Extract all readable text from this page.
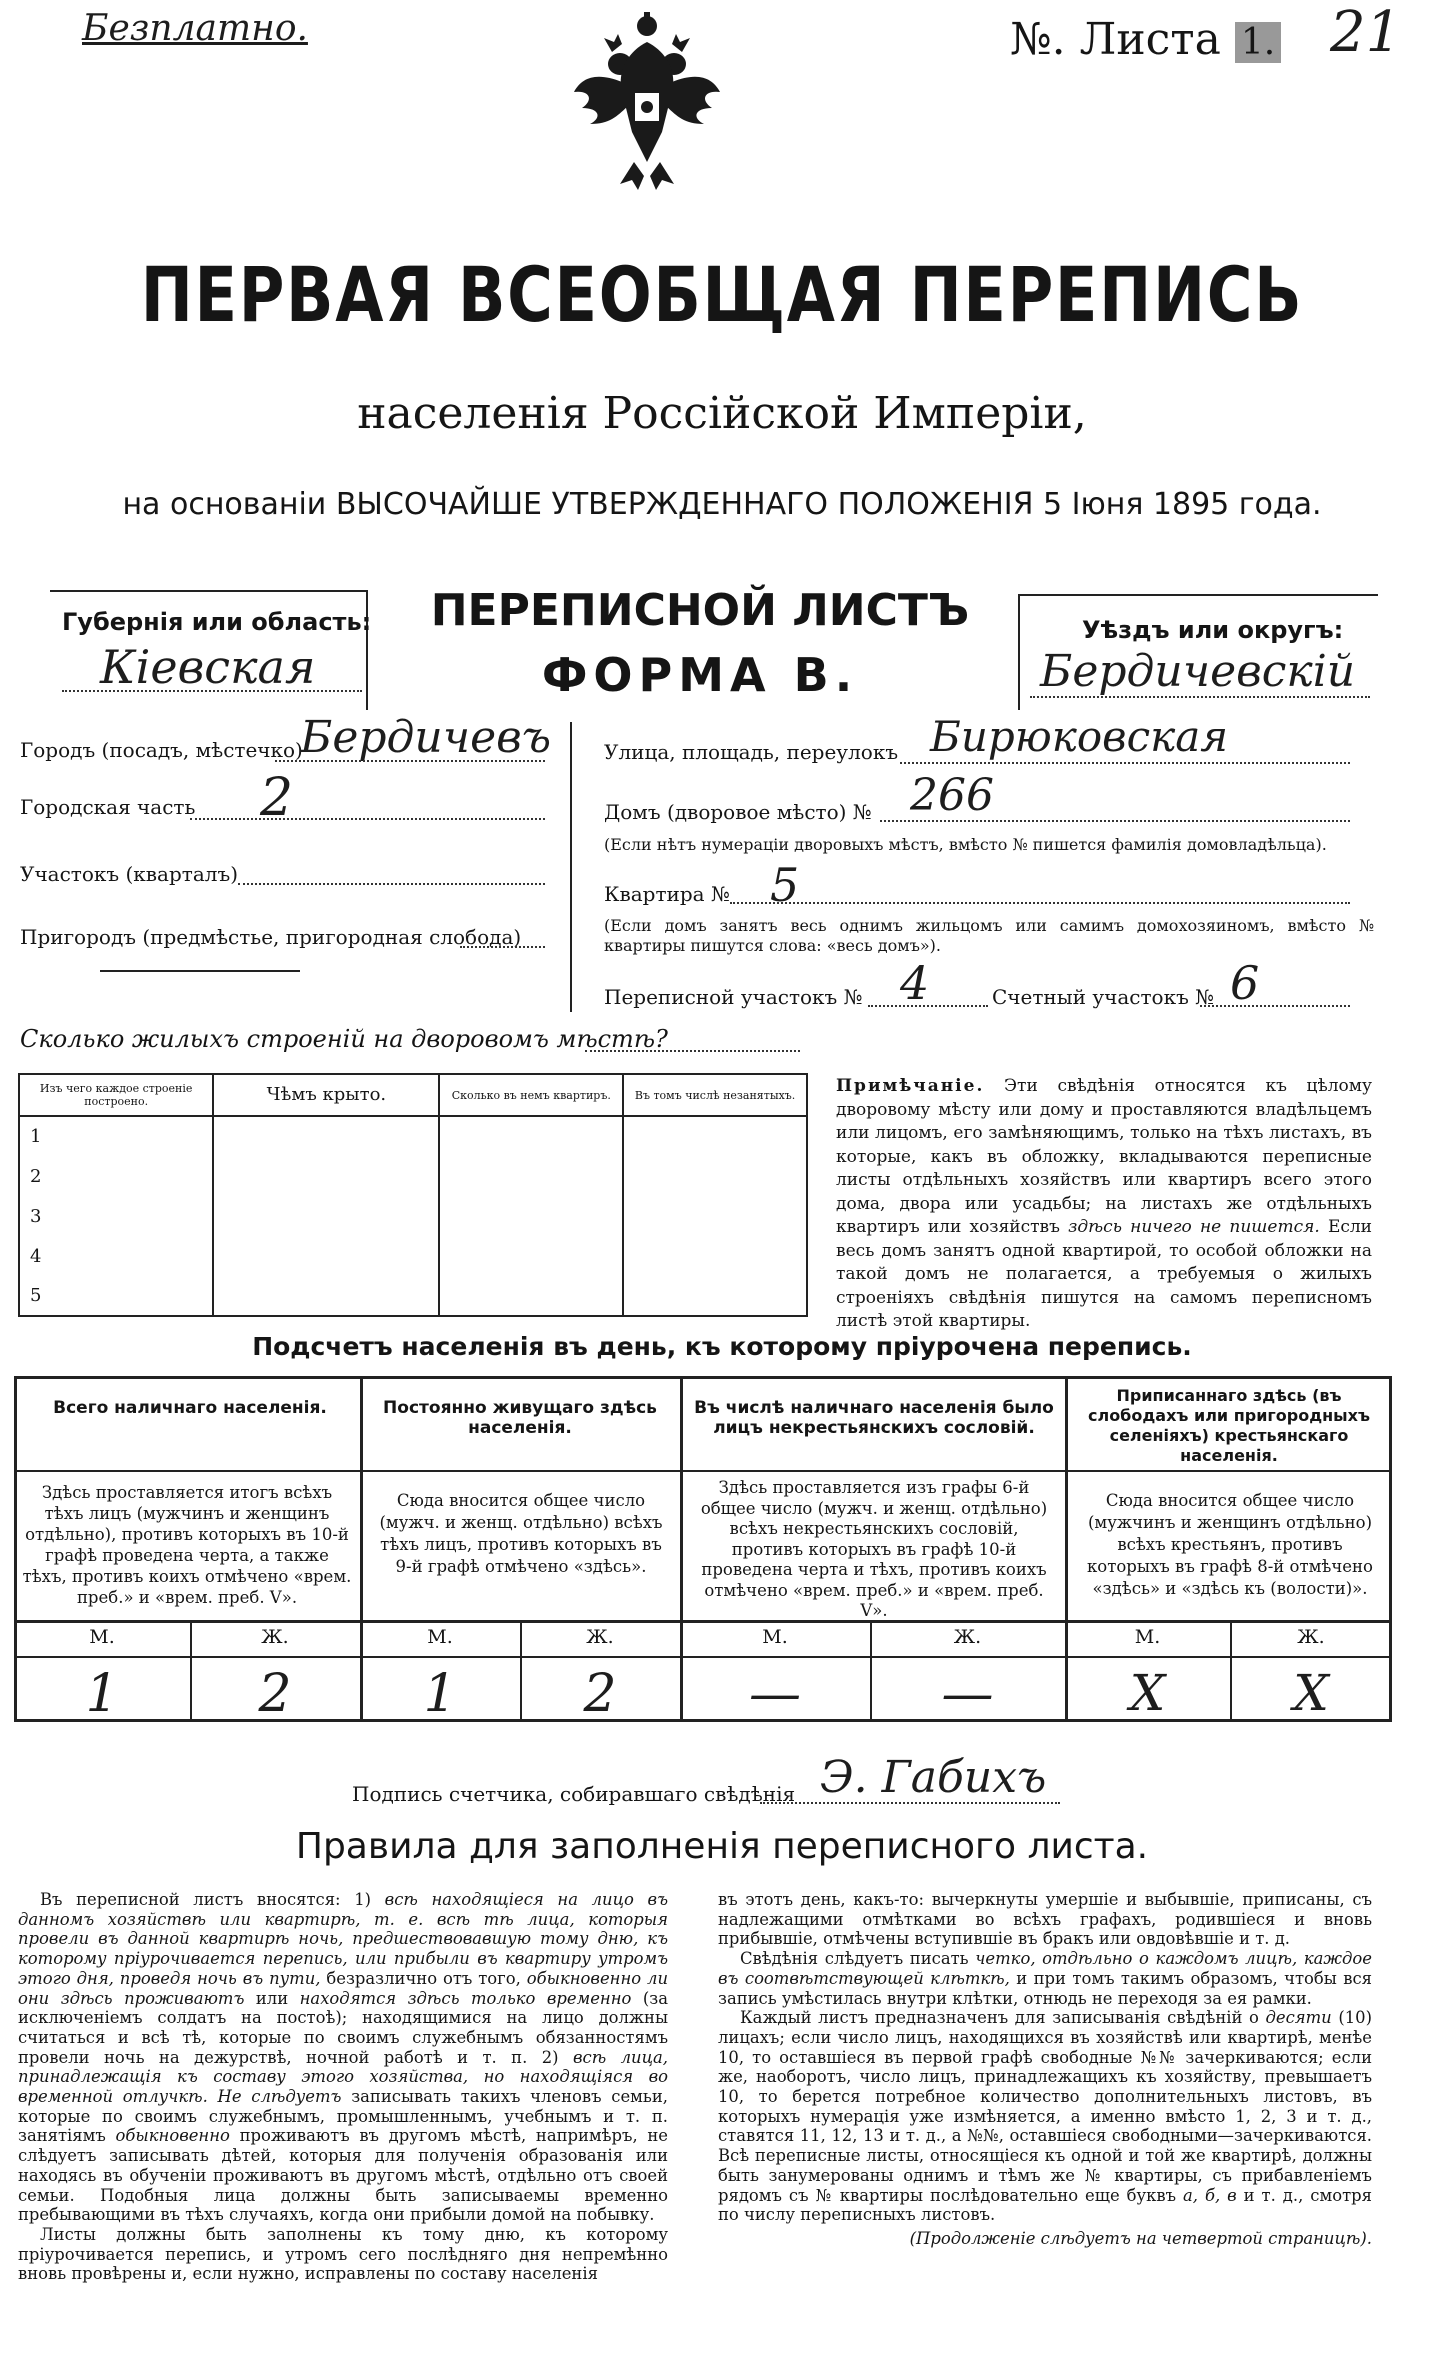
Безплатно.	№. Листа 1. 21
ПЕРВАЯ ВСЕОБЩАЯ ПЕРЕПИСЬ
населенія Россійской Имперіи,
на основаніи ВЫСОЧАЙШЕ УТВЕРЖДЕННАГО ПОЛОЖЕНІЯ 5 Іюня 1895 года.
Губернія или область:
Кіевская
ПЕРЕПИСНОЙ ЛИСТЪ
ФОРМА В.
Уѣздъ или округъ:
Бердичевскій
Городъ (посадъ, мѣстечко)
Бердичевъ
Городская часть 2
Участокъ (кварталъ)
Пригородъ (предмѣстье, пригородная слобода)
Улица, площадь, переулокъ Бирюковская
Домъ (дворовое мѣсто) № 266
(Если нѣтъ нумераціи дворовыхъ мѣстъ, вмѣсто № пишется фамилія домовладѣльца).
Квартира № 5
(Если домъ занятъ весь однимъ жильцомъ или самимъ домохозяиномъ, вмѣсто № квартиры пишутся слова: «весь домъ»).
Переписной участокъ № 4	Счетный участокъ № 6
Сколько жилыхъ строеній на дворовомъ мѣстѣ?
Изъ чего каждое строеніе построено.	Чѣмъ крыто.	Сколько въ немъ квартиръ.	Въ томъ числѣ незанятыхъ.
1			
2			
3			
4			
5			
Примѣчаніе. Эти свѣдѣнія относятся къ цѣлому дворовому мѣсту или дому и проставляются владѣльцемъ или лицомъ, его замѣняющимъ, только на тѣхъ листахъ, въ которые, какъ въ обложку, вкладываются переписные листы отдѣльныхъ хозяйствъ или квартиръ всего этого дома, двора или усадьбы; на листахъ же отдѣльныхъ квартиръ или хозяйствъ здѣсь ничего не пишется. Если весь домъ занятъ одной квартирой, то особой обложки на такой домъ не полагается, а требуемыя о жилыхъ строеніяхъ свѣдѣнія пишутся на самомъ переписномъ листѣ этой квартиры.
Подсчетъ населенія въ день, къ которому пріурочена перепись.
Всего наличнаго населенія.
Здѣсь проставляется итогъ всѣхъ тѣхъ лицъ (мужчинъ и женщинъ отдѣльно), противъ которыхъ въ 10-й графѣ проведена черта, а также тѣхъ, противъ коихъ отмѣчено «врем. преб.» и «врем. преб. V».
М.	Ж.
1	2
Постоянно живущаго здѣсь населенія.
Сюда вносится общее число (мужч. и женщ. отдѣльно) всѣхъ тѣхъ лицъ, противъ которыхъ въ 9-й графѣ отмѣчено «здѣсь».
М.	Ж.
1	2
Въ числѣ наличнаго населенія было лицъ некрестьянскихъ сословій.
Здѣсь проставляется изъ графы 6-й общее число (мужч. и женщ. отдѣльно) всѣхъ некрестьянскихъ сословій, противъ которыхъ въ графѣ 10-й проведена черта и тѣхъ, противъ коихъ отмѣчено «врем. преб.» и «врем. преб. V».
М.	Ж.
—	—
Приписаннаго здѣсь (въ слободахъ или пригородныхъ селеніяхъ) крестьянскаго населенія.
Сюда вносится общее число (мужчинъ и женщинъ отдѣльно) всѣхъ крестьянъ, противъ которыхъ въ графѣ 8-й отмѣчено «здѣсь» и «здѣсь къ (волости)».
М.	Ж.
Х	Х
Подпись счетчика, собиравшаго свѣдѣнія Э. Габихъ
Правила для заполненія переписного листа.
Въ переписной листъ вносятся: 1) всѣ находящіеся на лицо въ данномъ хозяйствѣ или квартирѣ, т. е. всѣ тѣ лица, которыя провели въ данной квартирѣ ночь, предшествовавшую тому дню, къ которому пріурочивается перепись, или прибыли въ квартиру утромъ этого дня, проведя ночь въ пути, безразлично отъ того, обыкновенно ли они здѣсь проживаютъ или находятся здѣсь только временно (за исключеніемъ солдатъ на постоѣ); находящимися на лицо должны считаться и всѣ тѣ, которые по своимъ служебнымъ обязанностямъ провели ночь на дежурствѣ, ночной работѣ и т. п. 2) всѣ лица, принадлежащія къ составу этого хозяйства, но находящіяся во временной отлучкѣ. Не слѣдуетъ записывать такихъ членовъ семьи, которые по своимъ служебнымъ, промышленнымъ, учебнымъ и т. п. занятіямъ обыкновенно проживаютъ въ другомъ мѣстѣ, напримѣръ, не слѣдуетъ записывать дѣтей, которыя для полученія образованія или находясь въ обученіи проживаютъ въ другомъ мѣстѣ, отдѣльно отъ своей семьи. Подобныя лица должны быть записываемы временно пребывающими въ тѣхъ случаяхъ, когда они прибыли домой на побывку.
Листы должны быть заполнены къ тому дню, къ которому пріурочивается перепись, и утромъ сего послѣдняго дня непремѣнно вновь провѣрены и, если нужно, исправлены по составу населенія
въ этотъ день, какъ-то: вычеркнуты умершіе и выбывшіе, приписаны, съ надлежащими отмѣтками во всѣхъ графахъ, родившіеся и вновь прибывшіе, отмѣчены вступившіе въ бракъ или овдовѣвшіе и т. д.
Свѣдѣнія слѣдуетъ писать четко, отдѣльно о каждомъ лицѣ, каждое въ соотвѣтствующей клѣткѣ, и при томъ такимъ образомъ, чтобы вся запись умѣстилась внутри клѣтки, отнюдь не переходя за ея рамки.
Каждый листъ предназначенъ для записыванія свѣдѣній о десяти (10) лицахъ; если число лицъ, находящихся въ хозяйствѣ или квартирѣ, менѣе 10, то оставшіеся въ первой графѣ свободные №№ зачеркиваются; если же, наоборотъ, число лицъ, принадлежащихъ къ хозяйству, превышаетъ 10, то берется потребное количество дополнительныхъ листовъ, въ которыхъ нумерація уже измѣняется, а именно вмѣсто 1, 2, 3 и т. д., ставятся 11, 12, 13 и т. д., а №№, оставшіеся свободными—зачеркиваются. Всѣ переписные листы, относящіеся къ одной и той же квартирѣ, должны быть занумерованы однимъ и тѣмъ же № квартиры, съ прибавленіемъ рядомъ съ № квартиры послѣдовательно еще буквъ а, б, в и т. д., смотря по числу переписныхъ листовъ.
(Продолженіе слѣдуетъ на четвертой страницѣ).
